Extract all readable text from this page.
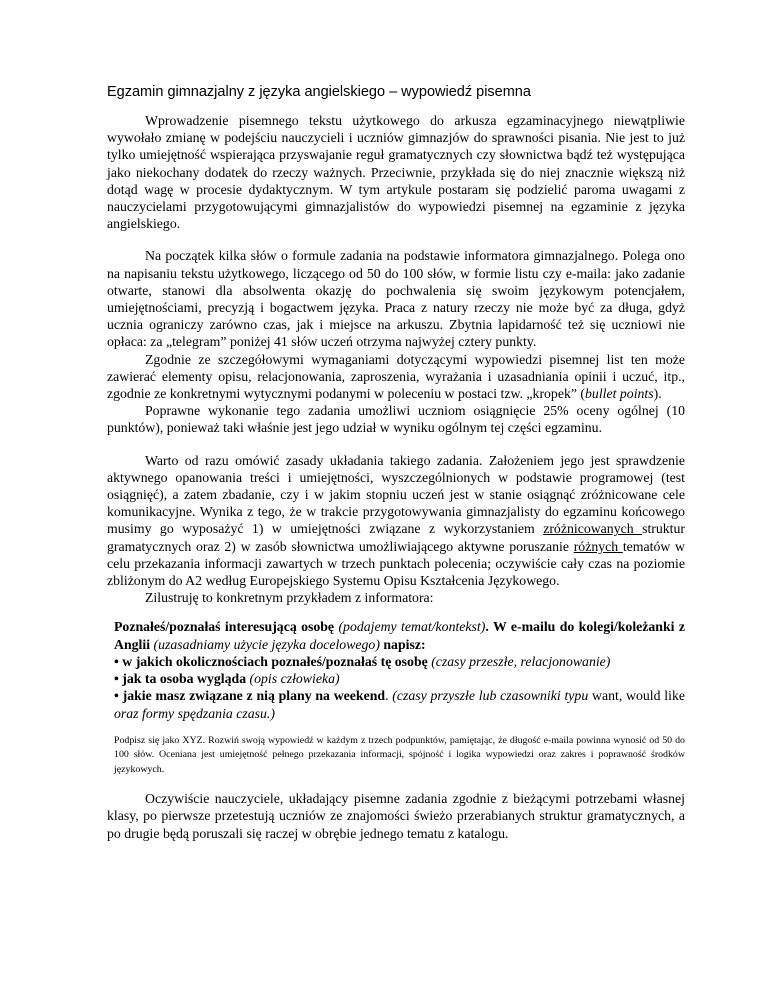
Egzamin gimnazjalny z języka angielskiego – wypowiedź pisemna

Wprowadzenie pisemnego tekstu użytkowego do arkusza egzaminacyjnego niewątpliwie wywołało zmianę w podejściu nauczycieli i uczniów gimnazjów do sprawności pisania. Nie jest to już tylko umiejętność wspierająca przyswajanie reguł gramatycznych czy słownictwa bądź też występująca jako niekochany dodatek do rzeczy ważnych. Przeciwnie, przykłada się do niej znacznie większą niż dotąd wagę w procesie dydaktycznym. W tym artykule postaram się podzielić paroma uwagami z nauczycielami przygotowującymi gimnazjalistów do wypowiedzi pisemnej na egzaminie z języka angielskiego.

Na początek kilka słów o formule zadania na podstawie informatora gimnazjalnego. Polega ono na napisaniu tekstu użytkowego, liczącego od 50 do 100 słów, w formie listu czy e-maila: jako zadanie otwarte, stanowi dla absolwenta okazję do pochwalenia się swoim językowym potencjałem, umiejętnościami, precyzją i bogactwem języka. Praca z natury rzeczy nie może być za długa, gdyż ucznia ograniczy zarówno czas, jak i miejsce na arkuszu. Zbytnia lapidarność też się uczniowi nie opłaca: za „telegram” poniżej 41 słów uczeń otrzyma najwyżej cztery punkty.

Zgodnie ze szczegółowymi wymaganiami dotyczącymi wypowiedzi pisemnej list ten może zawierać elementy opisu, relacjonowania, zaproszenia, wyrażania i uzasadniania opinii i uczuć, itp., zgodnie ze konkretnymi wytycznymi podanymi w poleceniu w postaci tzw. „kropek” (bullet points).

Poprawne wykonanie tego zadania umożliwi uczniom osiągnięcie 25% oceny ogólnej (10 punktów), ponieważ taki właśnie jest jego udział w wyniku ogólnym tej części egzaminu.

Warto od razu omówić zasady układania takiego zadania. Założeniem jego jest sprawdzenie aktywnego opanowania treści i umiejętności, wyszczególnionych w podstawie programowej (test osiągnięć), a zatem zbadanie, czy i w jakim stopniu uczeń jest w stanie osiągnąć zróżnicowane cele komunikacyjne. Wynika z tego, że w trakcie przygotowywania gimnazjalisty do egzaminu końcowego musimy go wyposażyć 1) w umiejętności związane z wykorzystaniem zróżnicowanych struktur gramatycznych oraz 2) w zasób słownictwa umożliwiającego aktywne poruszanie różnych tematów w celu przekazania informacji zawartych w trzech punktach polecenia; oczywiście cały czas na poziomie zbliżonym do A2 według Europejskiego Systemu Opisu Kształcenia Językowego.

Zilustruję to konkretnym przykładem z informatora:

Poznałeś/poznałaś interesującą osobę (podajemy temat/kontekst). W e-mailu do kolegi/koleżanki z Anglii (uzasadniamy użycie języka docelowego) napisz:
• w jakich okolicznościach poznałeś/poznałaś tę osobę (czasy przeszłe, relacjonowanie)
• jak ta osoba wygląda (opis człowieka)
• jakie masz związane z nią plany na weekend. (czasy przyszłe lub czasowniki typu want, would like oraz formy spędzania czasu.)

Podpisz się jako XYZ. Rozwiń swoją wypowiedź w każdym z trzech podpunktów, pamiętając, że długość e-maila powinna wynosić od 50 do 100 słów. Oceniana jest umiejętność pełnego przekazania informacji, spójność i logika wypowiedzi oraz zakres i poprawność środków językowych.

Oczywiście nauczyciele, układający pisemne zadania zgodnie z bieżącymi potrzebami własnej klasy, po pierwsze przetestują uczniów ze znajomości świeżo przerabianych struktur gramatycznych, a po drugie będą poruszali się raczej w obrębie jednego tematu z katalogu.
